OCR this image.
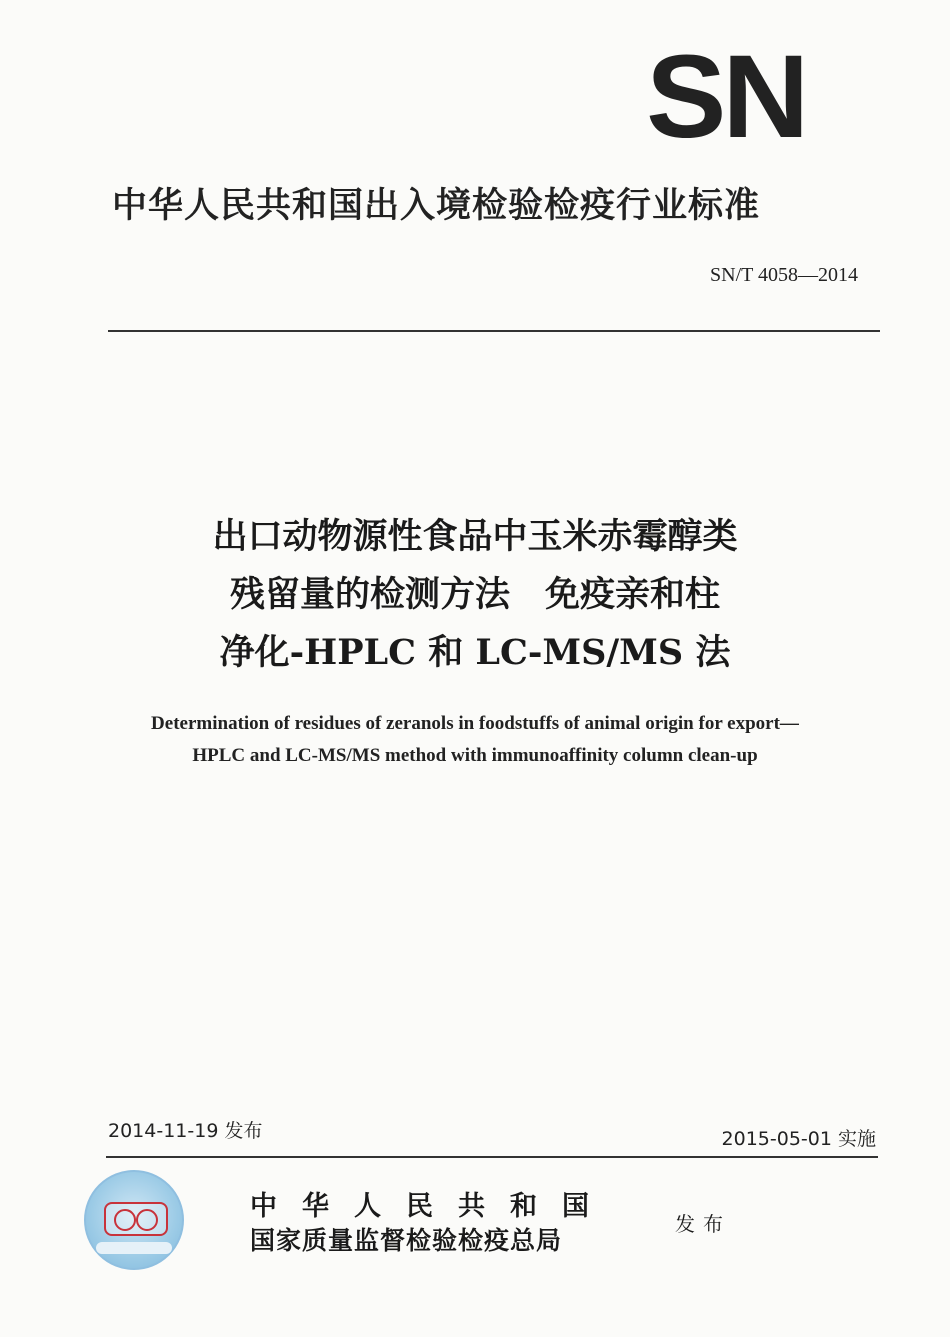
SN
中华人民共和国出入境检验检疫行业标准
SN/T 4058—2014
出口动物源性食品中玉米赤霉醇类
残留量的检测方法　免疫亲和柱
净化-HPLC 和 LC-MS/MS 法
Determination of residues of zeranols in foodstuffs of animal origin for export—
HPLC and LC-MS/MS method with immunoaffinity column clean-up
2014-11-19 发布	2015-05-01 实施
中华人民共和国
国家质量监督检验检疫总局
发布
